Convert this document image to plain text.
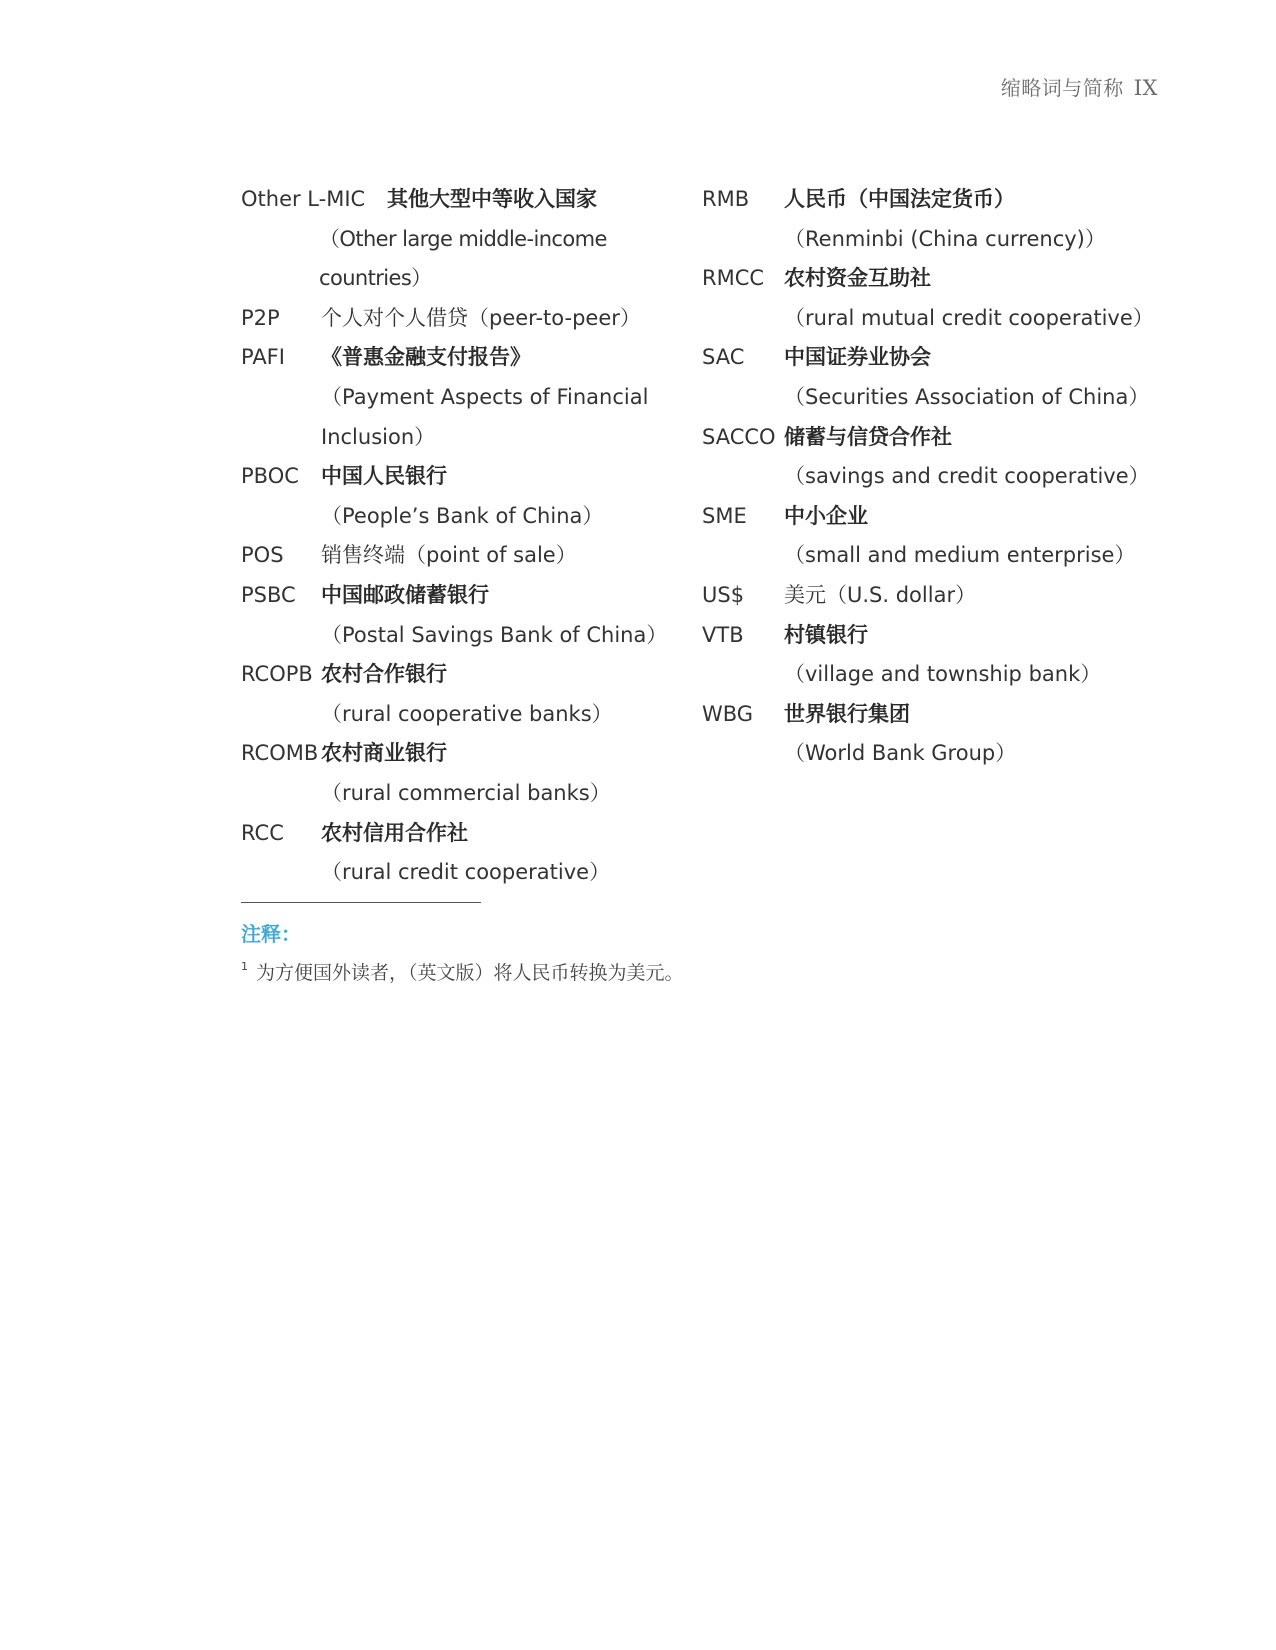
缩略词与简称 IX
Other L-MIC	其他大型中等收入国家
（Other large middle-income countries）
P2P	个人对个人借贷（peer-to-peer）
PAFI	《普惠金融支付报告》
（Payment Aspects of Financial Inclusion）
PBOC	中国人民银行
（People’s Bank of China）
POS	销售终端（point of sale）
PSBC	中国邮政储蓄银行
（Postal Savings Bank of China）
RCOPB 农村合作银行
（rural cooperative banks）
RCOMB 农村商业银行
（rural commercial banks）
RCC	农村信用合作社
（rural credit cooperative）
RMB	人民币（中国法定货币）
（Renminbi (China currency)）
RMCC 农村资金互助社
（rural mutual credit cooperative）
SAC	中国证券业协会
（Securities Association of China）
SACCO 储蓄与信贷合作社
（savings and credit cooperative）
SME	中小企业
（small and medium enterprise）
US$	美元（U.S. dollar）
VTB	村镇银行
（village and township bank）
WBG	世界银行集团
（World Bank Group）
注释：
$^1$ 为方便国外读者，（英文版）将人民币转换为美元。
